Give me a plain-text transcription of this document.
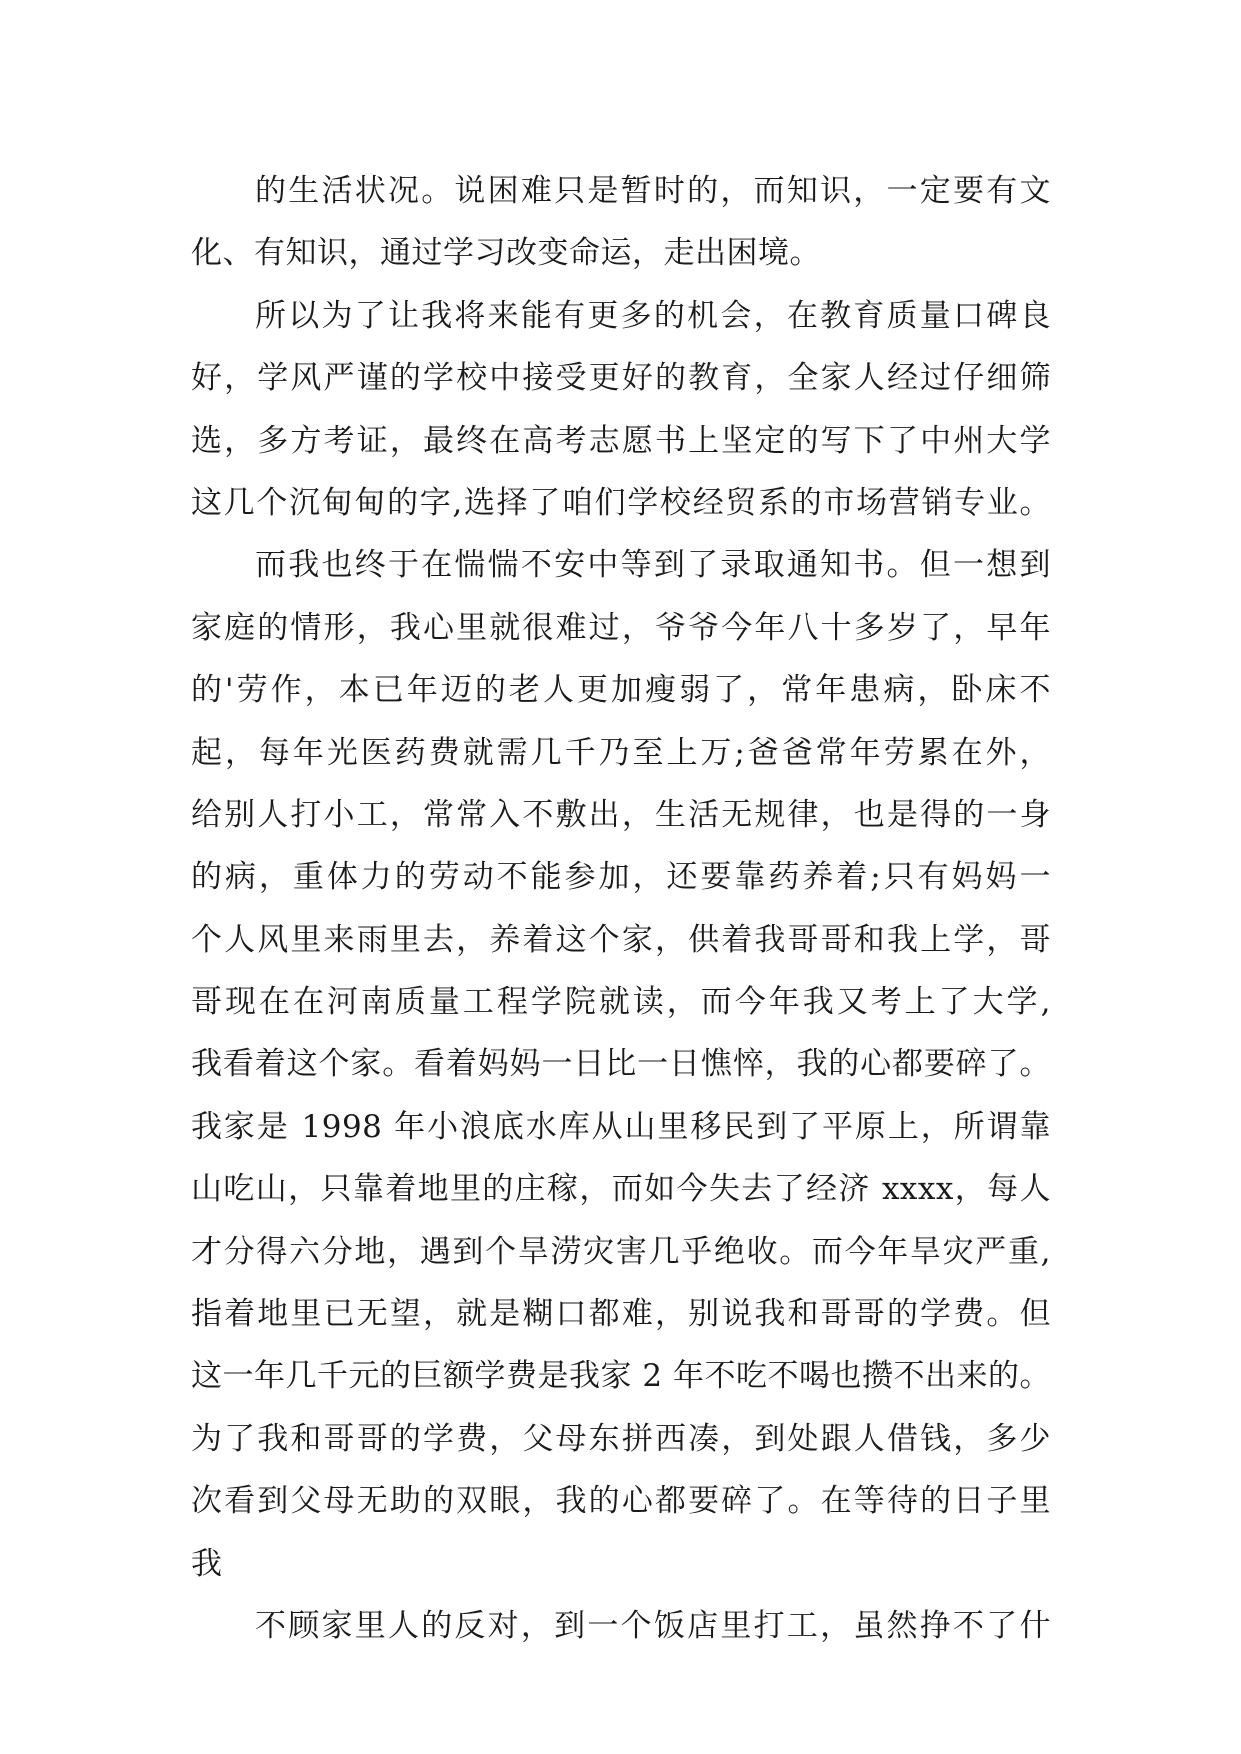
的生活状况。说困难只是暂时的，而知识，一定要有文
化、有知识，通过学习改变命运，走出困境。
所以为了让我将来能有更多的机会，在教育质量口碑良
好，学风严谨的学校中接受更好的教育，全家人经过仔细筛
选，多方考证，最终在高考志愿书上坚定的写下了中州大学
这几个沉甸甸的字,选择了咱们学校经贸系的市场营销专业。
而我也终于在惴惴不安中等到了录取通知书。但一想到
家庭的情形，我心里就很难过，爷爷今年八十多岁了，早年
的'劳作，本已年迈的老人更加瘦弱了，常年患病，卧床不
起，每年光医药费就需几千乃至上万;爸爸常年劳累在外，
给别人打小工，常常入不敷出，生活无规律，也是得的一身
的病，重体力的劳动不能参加，还要靠药养着;只有妈妈一
个人风里来雨里去，养着这个家，供着我哥哥和我上学，哥
哥现在在河南质量工程学院就读，而今年我又考上了大学,
我看着这个家。看着妈妈一日比一日憔悴，我的心都要碎了。
我家是 1998 年小浪底水库从山里移民到了平原上，所谓靠
山吃山，只靠着地里的庄稼，而如今失去了经济 xxxx，每人
才分得六分地，遇到个旱涝灾害几乎绝收。而今年旱灾严重,
指着地里已无望，就是糊口都难，别说我和哥哥的学费。但
这一年几千元的巨额学费是我家 2 年不吃不喝也攒不出来的。
为了我和哥哥的学费，父母东拼西凑，到处跟人借钱，多少
次看到父母无助的双眼，我的心都要碎了。在等待的日子里
我
不顾家里人的反对，到一个饭店里打工，虽然挣不了什
